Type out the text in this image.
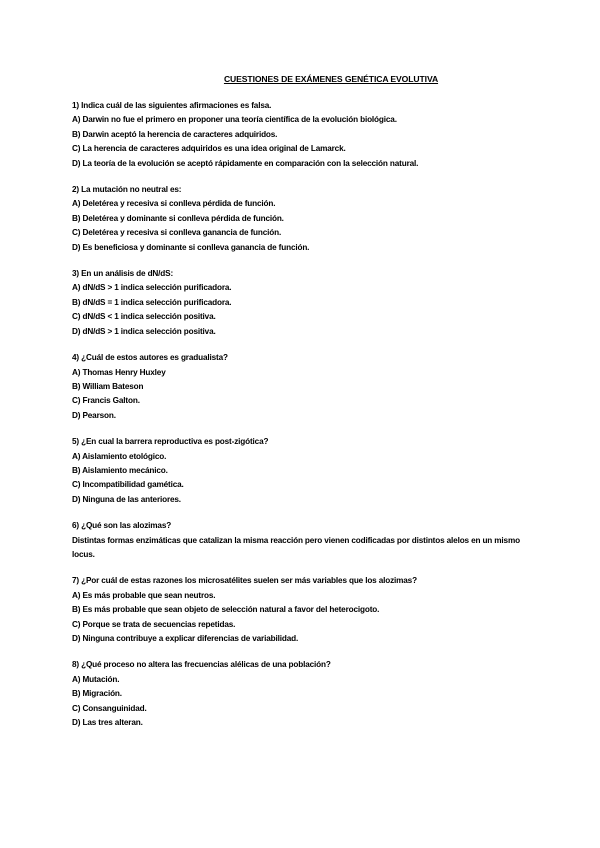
CUESTIONES DE EXÁMENES GENÉTICA EVOLUTIVA
1) Indica cuál de las siguientes afirmaciones es falsa.
A) Darwin no fue el primero en proponer una teoría científica de la evolución biológica.
B) Darwin aceptó la herencia de caracteres adquiridos.
C) La herencia de caracteres adquiridos es una idea original de Lamarck.
D) La teoría de la evolución se aceptó rápidamente en comparación con la selección natural.
2) La mutación no neutral es:
A) Deletérea y recesiva si conlleva pérdida de función.
B) Deletérea y dominante si conlleva pérdida de función.
C) Deletérea y recesiva si conlleva ganancia de función.
D) Es beneficiosa y dominante si conlleva ganancia de función.
3) En un análisis de dN/dS:
A) dN/dS > 1 indica selección purificadora.
B) dN/dS = 1 indica selección purificadora.
C) dN/dS < 1 indica selección positiva.
D) dN/dS > 1 indica selección positiva.
4) ¿Cuál de estos autores es gradualista?
A) Thomas Henry Huxley
B) William Bateson
C) Francis Galton.
D) Pearson.
5) ¿En cual la barrera reproductiva es post-zigótica?
A) Aislamiento etológico.
B) Aislamiento mecánico.
C) Incompatibilidad gamética.
D) Ninguna de las anteriores.
6) ¿Qué son las alozimas?
Distintas formas enzimáticas que catalizan la misma reacción pero vienen codificadas por distintos alelos en un mismo locus.
7) ¿Por cuál de estas razones los microsatélites suelen ser más variables que los alozimas?
A) Es más probable que sean neutros.
B) Es más probable que sean objeto de selección natural a favor del heterocigoto.
C) Porque se trata de secuencias repetidas.
D) Ninguna contribuye a explicar diferencias de variabilidad.
8) ¿Qué proceso no altera las frecuencias alélicas de una población?
A) Mutación.
B) Migración.
C) Consanguinidad.
D) Las tres alteran.
